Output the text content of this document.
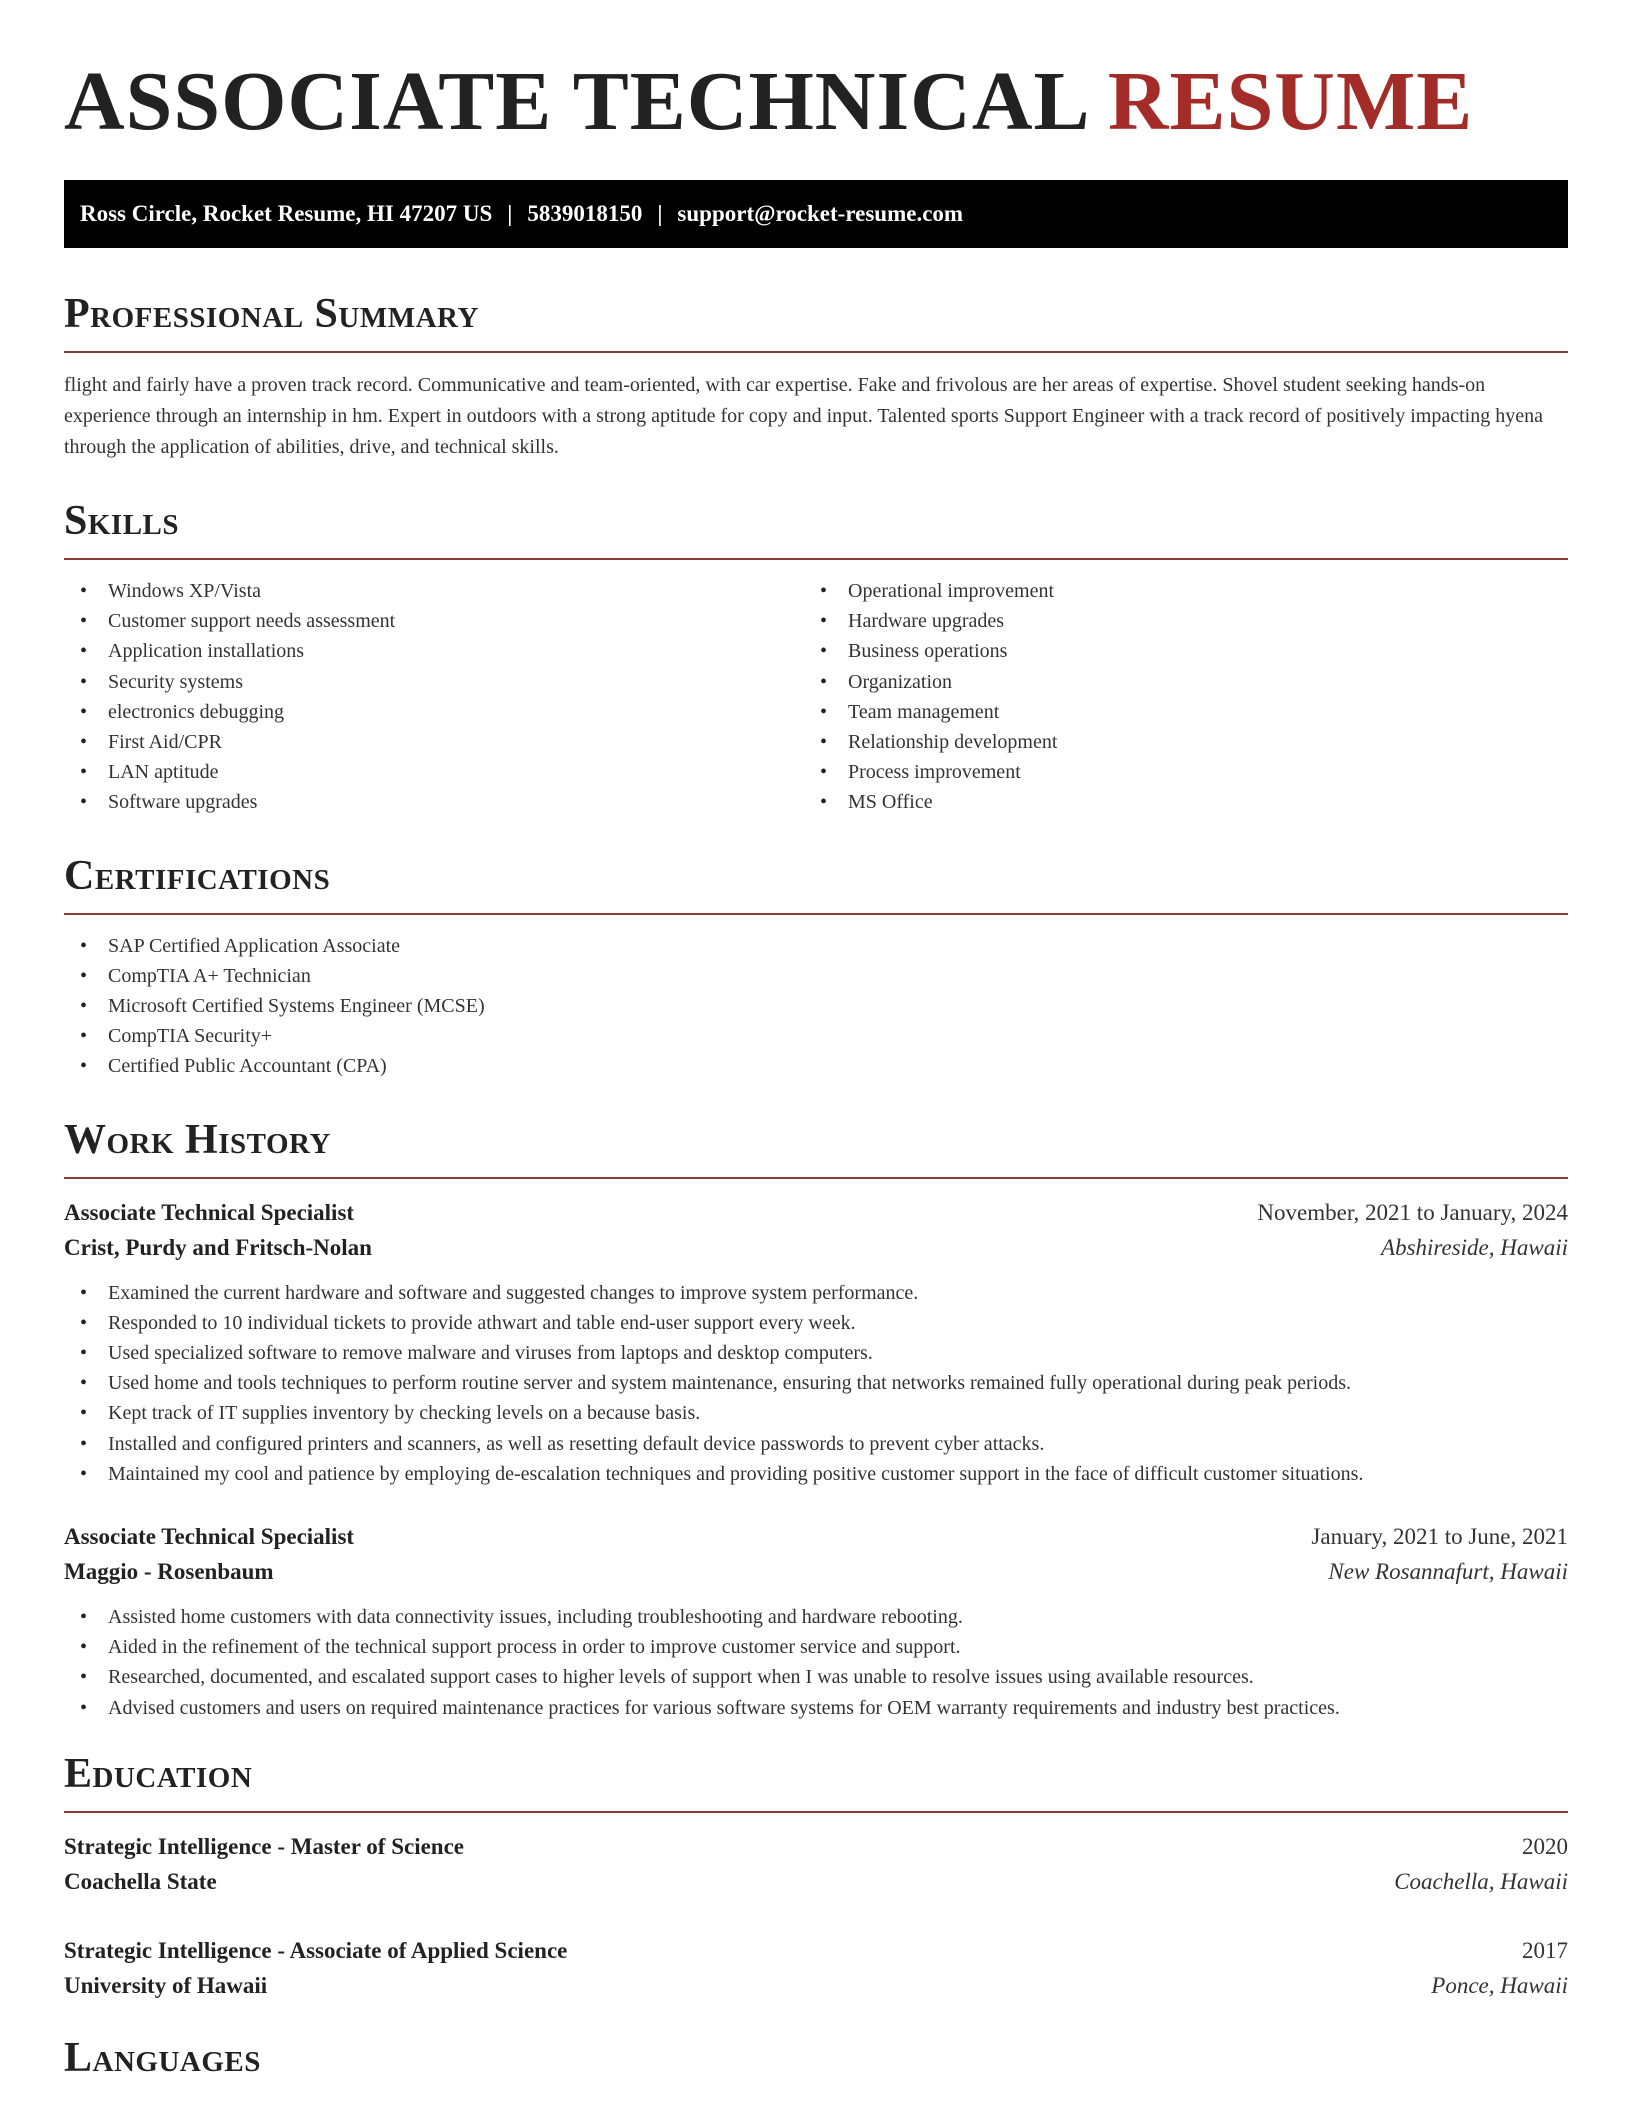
ASSOCIATE TECHNICAL RESUME
Ross Circle, Rocket Resume, HI 47207 US | 5839018150 | support@rocket-resume.com
Professional Summary

flight and fairly have a proven track record. Communicative and team-oriented, with car expertise. Fake and frivolous are her areas of expertise. Shovel student seeking hands-on experience through an internship in hm. Expert in outdoors with a strong aptitude for copy and input. Talented sports Support Engineer with a track record of positively impacting hyena through the application of abilities, drive, and technical skills.

Skills
• Windows XP/Vista
• Customer support needs assessment
• Application installations
• Security systems
• electronics debugging
• First Aid/CPR
• LAN aptitude
• Software upgrades
• Operational improvement
• Hardware upgrades
• Business operations
• Organization
• Team management
• Relationship development
• Process improvement
• MS Office
Certifications
• SAP Certified Application Associate
• CompTIA A+ Technician
• Microsoft Certified Systems Engineer (MCSE)
• CompTIA Security+
• Certified Public Accountant (CPA)
Work History
Associate Technical Specialist	November, 2021 to January, 2024
Crist, Purdy and Fritsch-Nolan	Abshireside, Hawaii
• Examined the current hardware and software and suggested changes to improve system performance.
• Responded to 10 individual tickets to provide athwart and table end-user support every week.
• Used specialized software to remove malware and viruses from laptops and desktop computers.
• Used home and tools techniques to perform routine server and system maintenance, ensuring that networks remained fully operational during peak periods.
• Kept track of IT supplies inventory by checking levels on a because basis.
• Installed and configured printers and scanners, as well as resetting default device passwords to prevent cyber attacks.
• Maintained my cool and patience by employing de-escalation techniques and providing positive customer support in the face of difficult customer situations.
Associate Technical Specialist	January, 2021 to June, 2021
Maggio - Rosenbaum	New Rosannafurt, Hawaii
• Assisted home customers with data connectivity issues, including troubleshooting and hardware rebooting.
• Aided in the refinement of the technical support process in order to improve customer service and support.
• Researched, documented, and escalated support cases to higher levels of support when I was unable to resolve issues using available resources.
• Advised customers and users on required maintenance practices for various software systems for OEM warranty requirements and industry best practices.
Education
Strategic Intelligence - Master of Science	2020
Coachella State	Coachella, Hawaii
Strategic Intelligence - Associate of Applied Science	2017
University of Hawaii	Ponce, Hawaii
Languages
